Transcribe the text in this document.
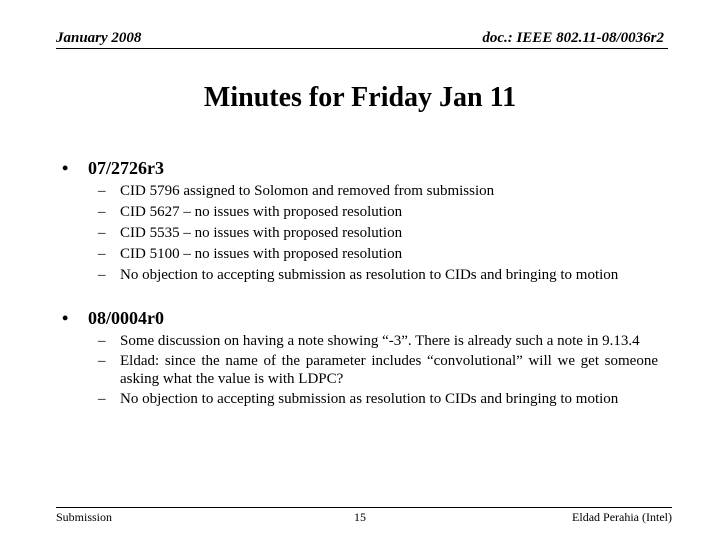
January 2008	doc.: IEEE 802.11-08/0036r2
Minutes for Friday Jan 11
• 07/2726r3
– CID 5796 assigned to Solomon and removed from submission
– CID 5627 – no issues with proposed resolution
– CID 5535 – no issues with proposed resolution
– CID 5100 – no issues with proposed resolution
– No objection to accepting submission as resolution to CIDs and bringing to motion
• 08/0004r0
– Some discussion on having a note showing “-3”. There is already such a note in 9.13.4
– Eldad: since the name of the parameter includes “convolutional” will we get someone asking what the value is with LDPC?
– No objection to accepting submission as resolution to CIDs and bringing to motion
Submission	15	Eldad Perahia (Intel)
